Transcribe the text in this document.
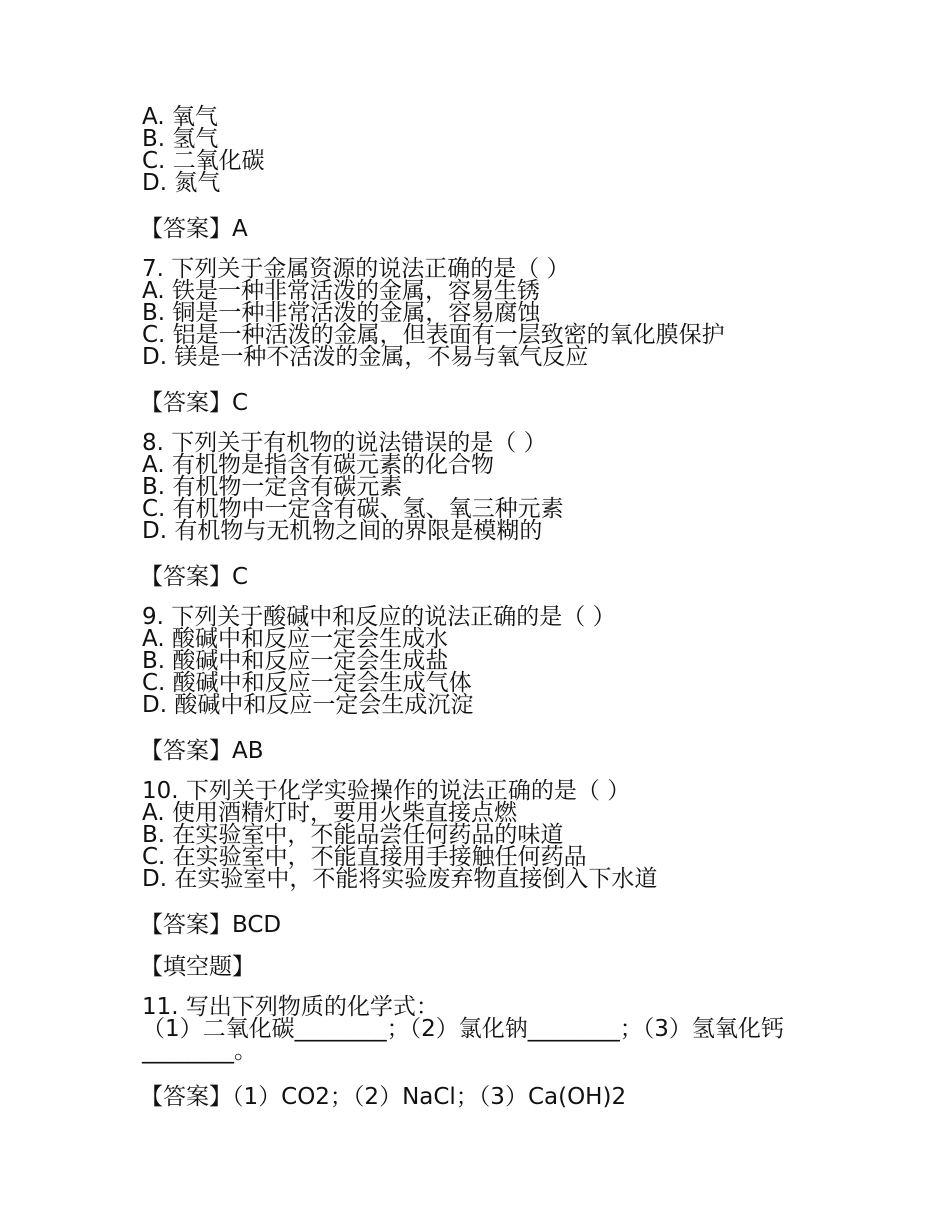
A. 氧气
B. 氢气
C. 二氧化碳
D. 氮气
【答案】A
7. 下列关于金属资源的说法正确的是（ ）
A. 铁是一种非常活泼的金属，容易生锈
B. 铜是一种非常活泼的金属，容易腐蚀
C. 铝是一种活泼的金属，但表面有一层致密的氧化膜保护
D. 镁是一种不活泼的金属，不易与氧气反应
【答案】C
8. 下列关于有机物的说法错误的是（ ）
A. 有机物是指含有碳元素的化合物
B. 有机物一定含有碳元素
C. 有机物中一定含有碳、氢、氧三种元素
D. 有机物与无机物之间的界限是模糊的
【答案】C
9. 下列关于酸碱中和反应的说法正确的是（ ）
A. 酸碱中和反应一定会生成水
B. 酸碱中和反应一定会生成盐
C. 酸碱中和反应一定会生成气体
D. 酸碱中和反应一定会生成沉淀
【答案】AB
10. 下列关于化学实验操作的说法正确的是（ ）
A. 使用酒精灯时，要用火柴直接点燃
B. 在实验室中，不能品尝任何药品的味道
C. 在实验室中，不能直接用手接触任何药品
D. 在实验室中，不能将实验废弃物直接倒入下水道
【答案】BCD
【填空题】
11. 写出下列物质的化学式：
（1）二氧化碳________；（2）氯化钠________；（3）氢氧化钙________。
【答案】（1）CO2；（2）NaCl；（3）Ca(OH)2
